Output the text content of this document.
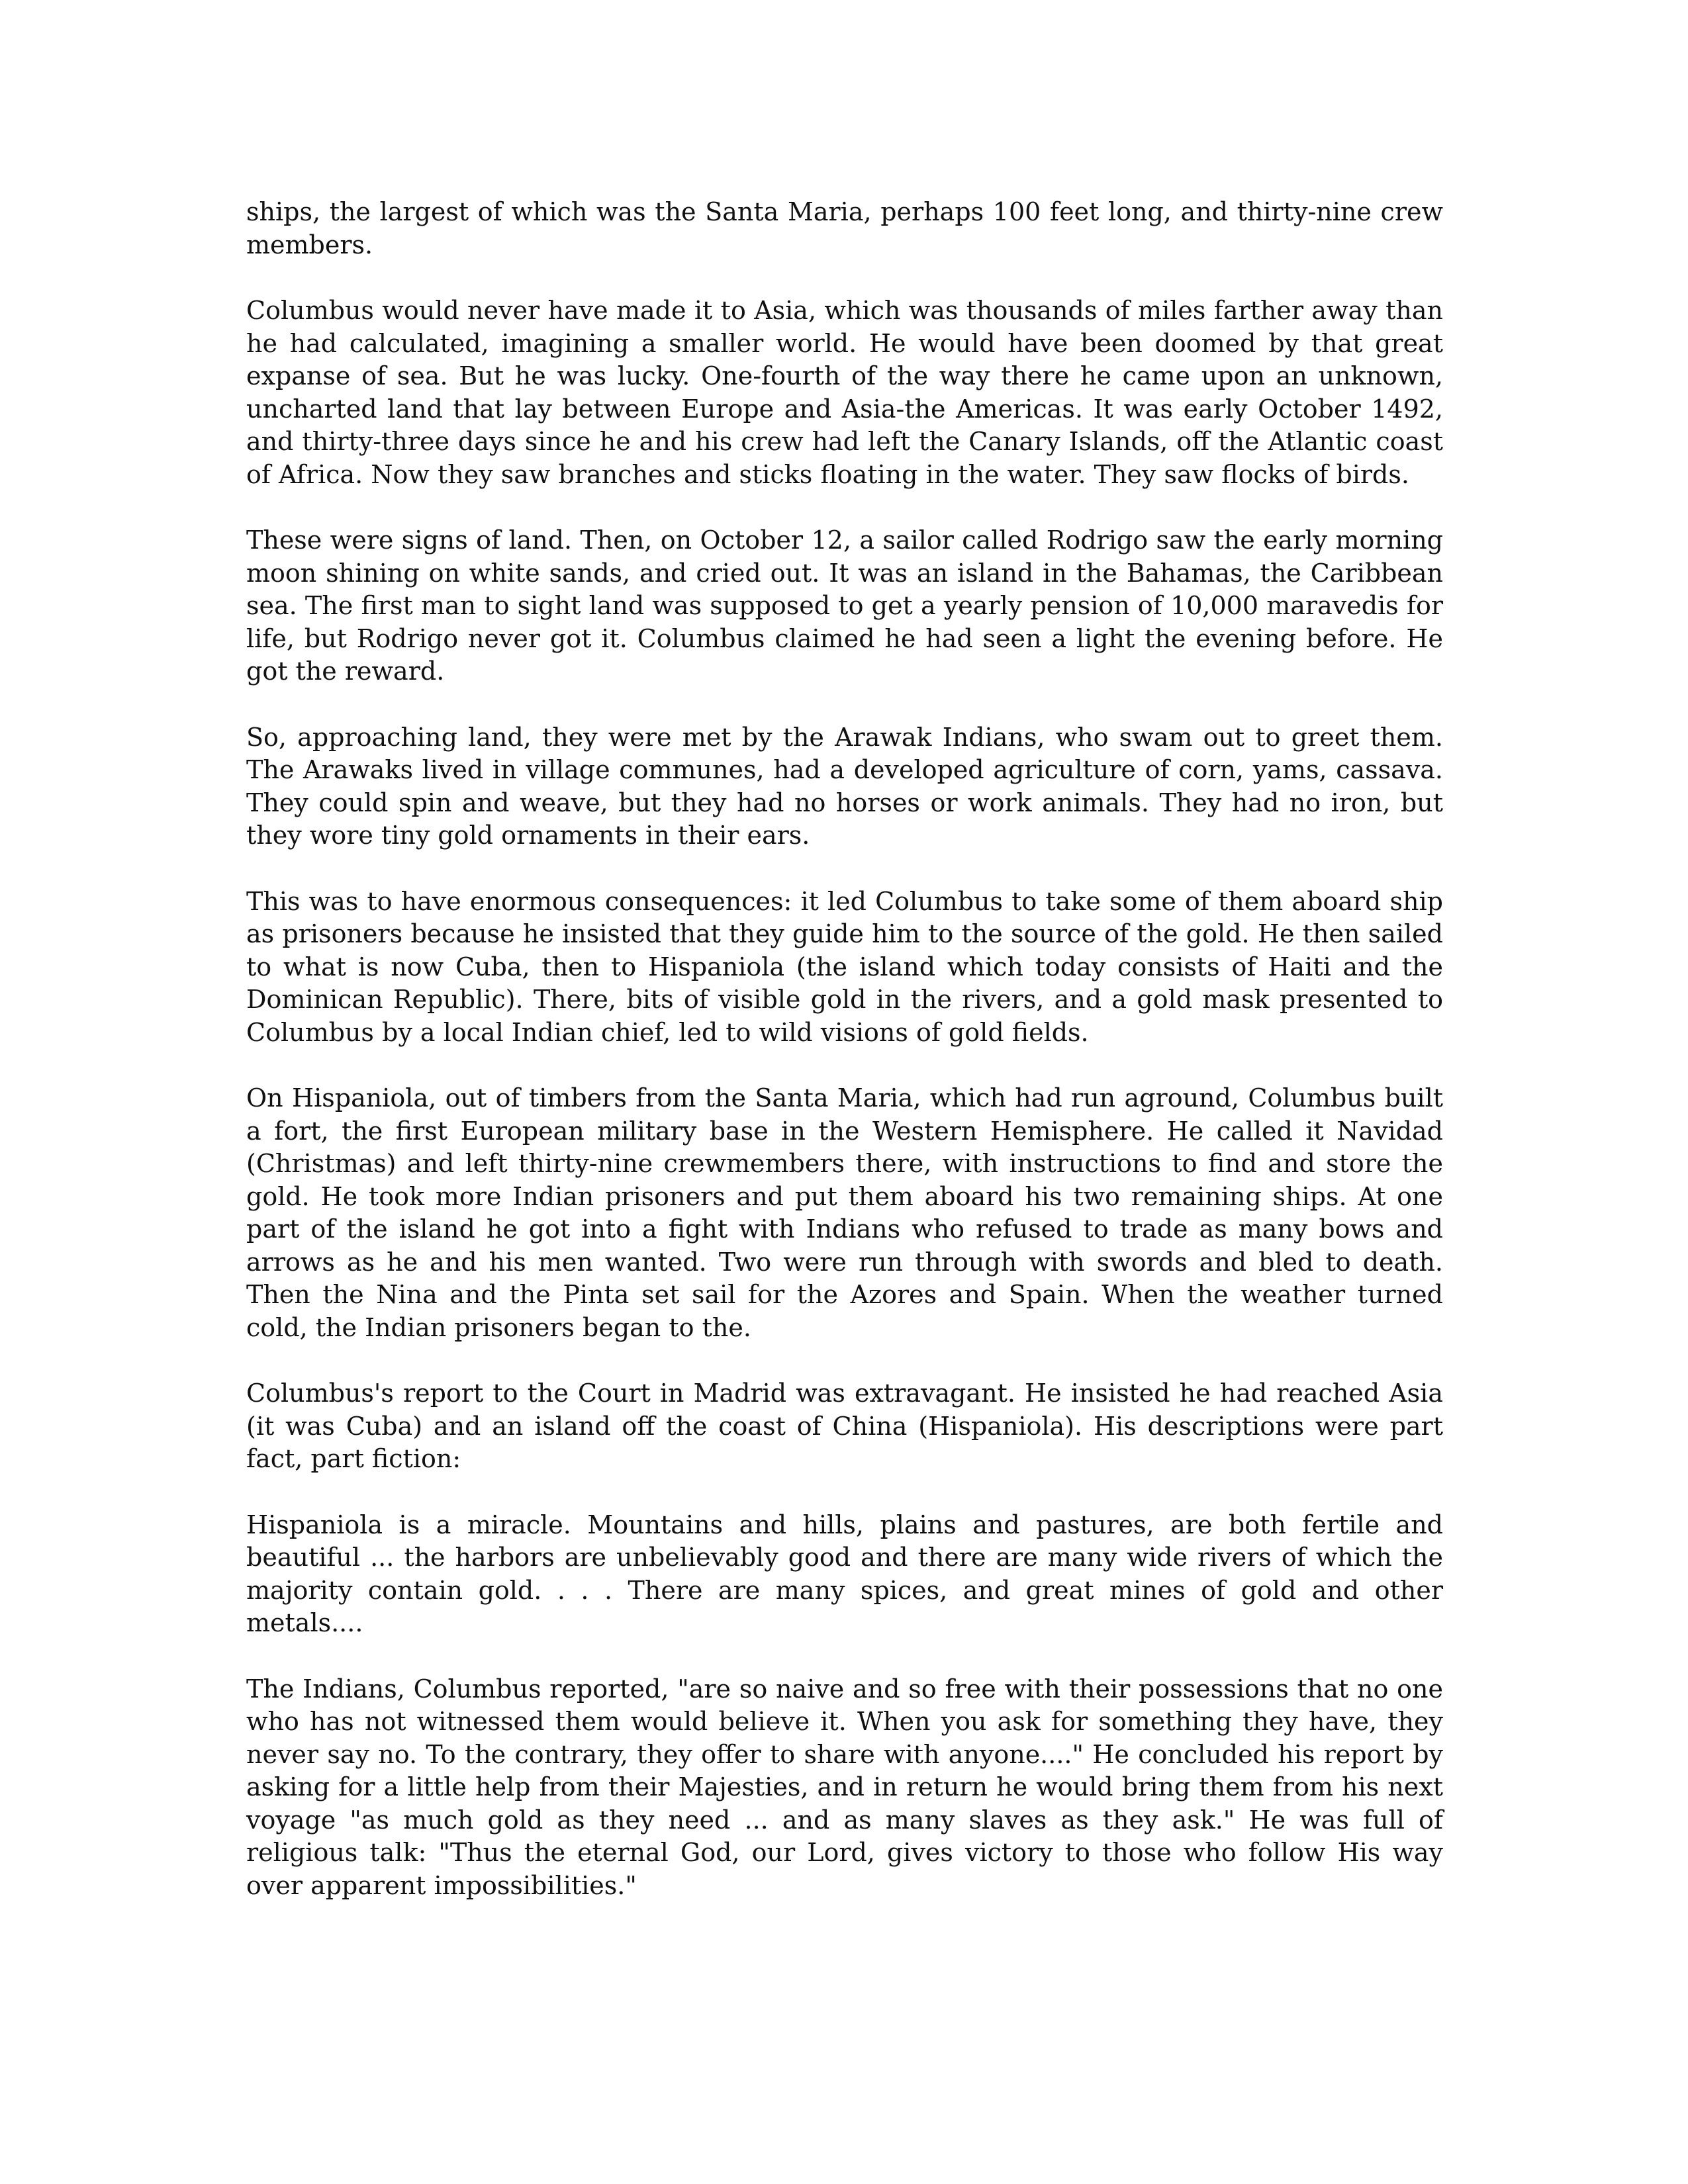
ships, the largest of which was the Santa Maria, perhaps 100 feet long, and thirty-nine crew members.

Columbus would never have made it to Asia, which was thousands of miles farther away than he had calculated, imagining a smaller world. He would have been doomed by that great expanse of sea. But he was lucky. One-fourth of the way there he came upon an unknown, uncharted land that lay between Europe and Asia-the Americas. It was early October 1492, and thirty-three days since he and his crew had left the Canary Islands, off the Atlantic coast of Africa. Now they saw branches and sticks floating in the water. They saw flocks of birds.

These were signs of land. Then, on October 12, a sailor called Rodrigo saw the early morning moon shining on white sands, and cried out. It was an island in the Bahamas, the Caribbean sea. The first man to sight land was supposed to get a yearly pension of 10,000 maravedis for life, but Rodrigo never got it. Columbus claimed he had seen a light the evening before. He got the reward.

So, approaching land, they were met by the Arawak Indians, who swam out to greet them. The Arawaks lived in village communes, had a developed agriculture of corn, yams, cassava. They could spin and weave, but they had no horses or work animals. They had no iron, but they wore tiny gold ornaments in their ears.

This was to have enormous consequences: it led Columbus to take some of them aboard ship as prisoners because he insisted that they guide him to the source of the gold. He then sailed to what is now Cuba, then to Hispaniola (the island which today consists of Haiti and the Dominican Republic). There, bits of visible gold in the rivers, and a gold mask presented to Columbus by a local Indian chief, led to wild visions of gold fields.

On Hispaniola, out of timbers from the Santa Maria, which had run aground, Columbus built a fort, the first European military base in the Western Hemisphere. He called it Navidad (Christmas) and left thirty-nine crewmembers there, with instructions to find and store the gold. He took more Indian prisoners and put them aboard his two remaining ships. At one part of the island he got into a fight with Indians who refused to trade as many bows and arrows as he and his men wanted. Two were run through with swords and bled to death. Then the Nina and the Pinta set sail for the Azores and Spain. When the weather turned cold, the Indian prisoners began to the.

Columbus's report to the Court in Madrid was extravagant. He insisted he had reached Asia (it was Cuba) and an island off the coast of China (Hispaniola). His descriptions were part fact, part fiction:

Hispaniola is a miracle. Mountains and hills, plains and pastures, are both fertile and beautiful ... the harbors are unbelievably good and there are many wide rivers of which the majority contain gold. . . . There are many spices, and great mines of gold and other metals....

The Indians, Columbus reported, "are so naive and so free with their possessions that no one who has not witnessed them would believe it. When you ask for something they have, they never say no. To the contrary, they offer to share with anyone...." He concluded his report by asking for a little help from their Majesties, and in return he would bring them from his next voyage "as much gold as they need ... and as many slaves as they ask." He was full of religious talk: "Thus the eternal God, our Lord, gives victory to those who follow His way over apparent impossibilities."
